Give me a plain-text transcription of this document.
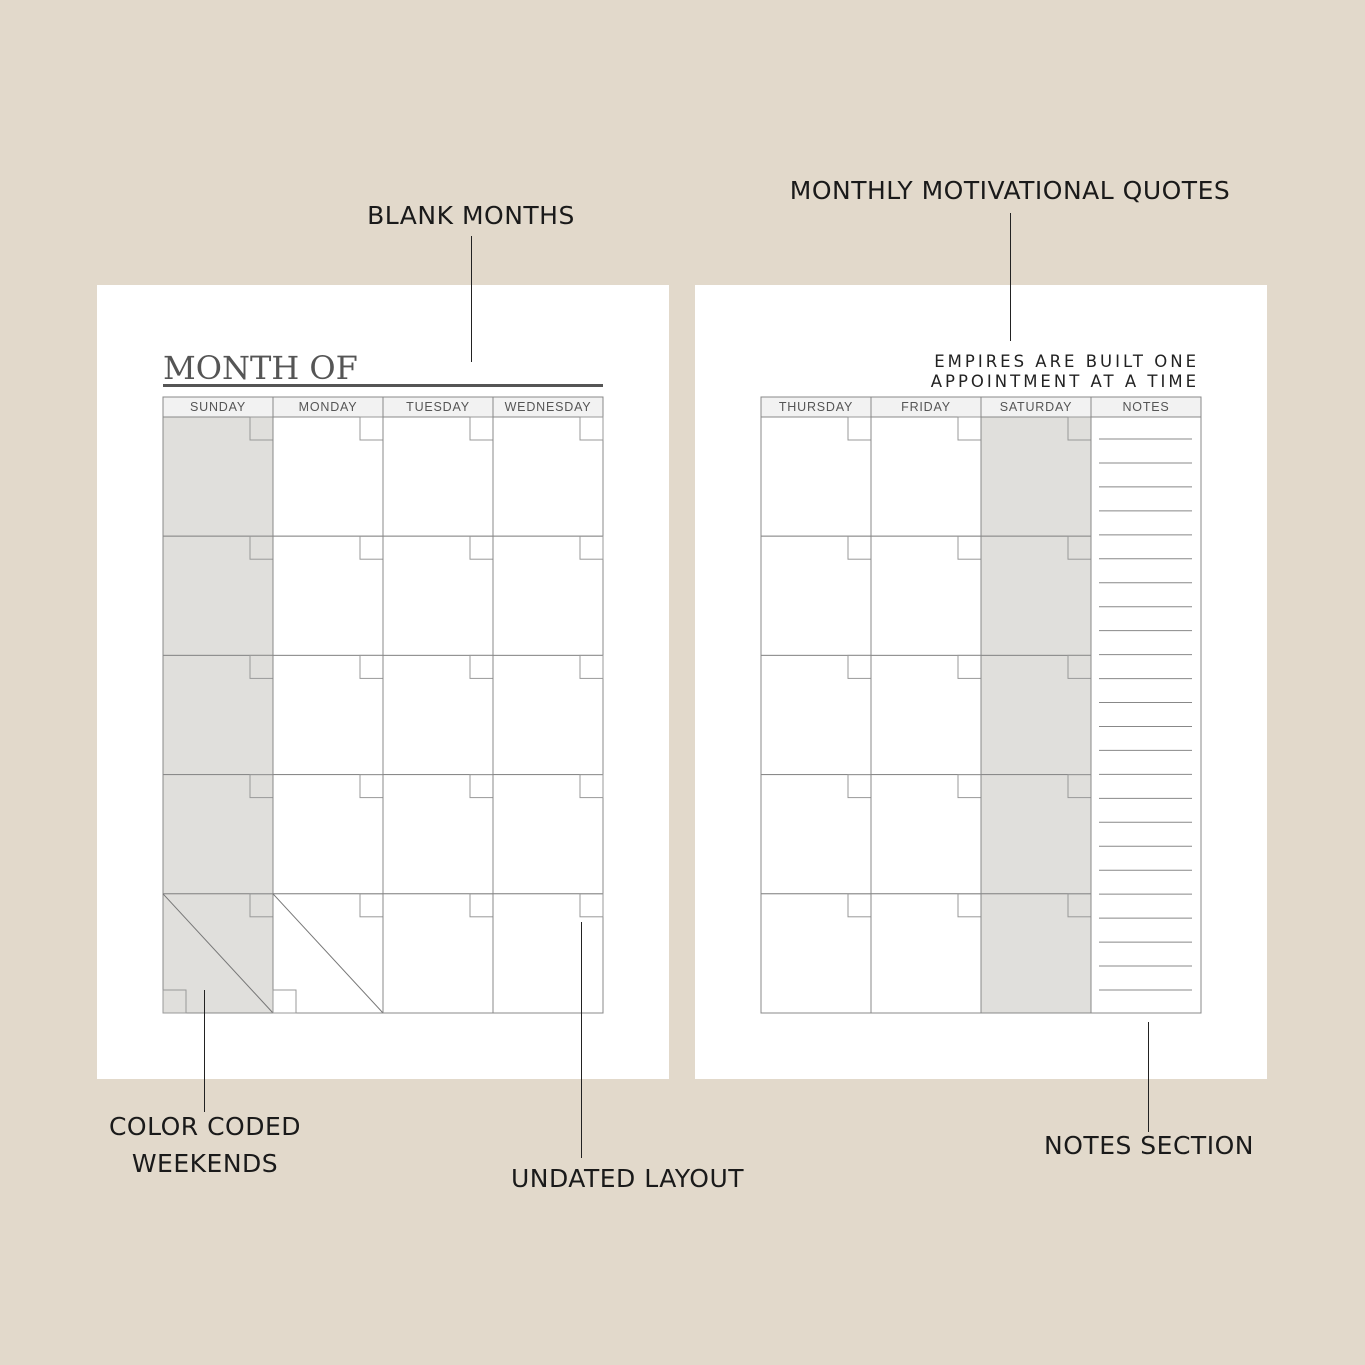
SUNDAY	MONDAY	TUESDAY	WEDNESDAY	THURSDAY	FRIDAY	SATURDAY	NOTES
MONTH OF	EMPIRES ARE BUILT ONE
APPOINTMENT AT A TIME
BLANK MONTHS
MONTHLY MOTIVATIONAL QUOTES
COLOR CODED
WEEKENDS
UNDATED LAYOUT
NOTES SECTION
